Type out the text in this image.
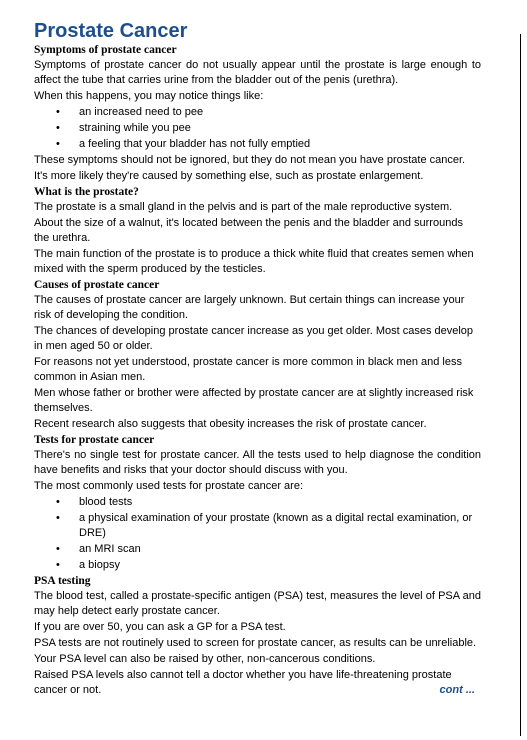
Prostate Cancer
Symptoms of prostate cancer

Symptoms of prostate cancer do not usually appear until the prostate is large enough to affect the tube that carries urine from the bladder out of the penis (urethra).

When this happens, you may notice things like:

• an increased need to pee
• straining while you pee
• a feeling that your bladder has not fully emptied

These symptoms should not be ignored, but they do not mean you have prostate cancer.

It's more likely they're caused by something else, such as prostate enlargement.

What is the prostate?

The prostate is a small gland in the pelvis and is part of the male reproductive system.

About the size of a walnut, it's located between the penis and the bladder and surrounds the urethra.

The main function of the prostate is to produce a thick white fluid that creates semen when mixed with the sperm produced by the testicles.

Causes of prostate cancer

The causes of prostate cancer are largely unknown. But certain things can increase your risk of developing the condition.

The chances of developing prostate cancer increase as you get older. Most cases develop in men aged 50 or older.

For reasons not yet understood, prostate cancer is more common in black men and less common in Asian men.

Men whose father or brother were affected by prostate cancer are at slightly increased risk themselves.

Recent research also suggests that obesity increases the risk of prostate cancer.

Tests for prostate cancer

There's no single test for prostate cancer. All the tests used to help diagnose the condition have benefits and risks that your doctor should discuss with you.

The most commonly used tests for prostate cancer are:

• blood tests
• a physical examination of your prostate (known as a digital rectal examination, or DRE)
• an MRI scan
• a biopsy
PSA testing

The blood test, called a prostate-specific antigen (PSA) test, measures the level of PSA and may help detect early prostate cancer.

If you are over 50, you can ask a GP for a PSA test.

PSA tests are not routinely used to screen for prostate cancer, as results can be unreliable.

Your PSA level can also be raised by other, non-cancerous conditions.

Raised PSA levels also cannot tell a doctor whether you have life-threatening prostate cancer or not.	cont ...
